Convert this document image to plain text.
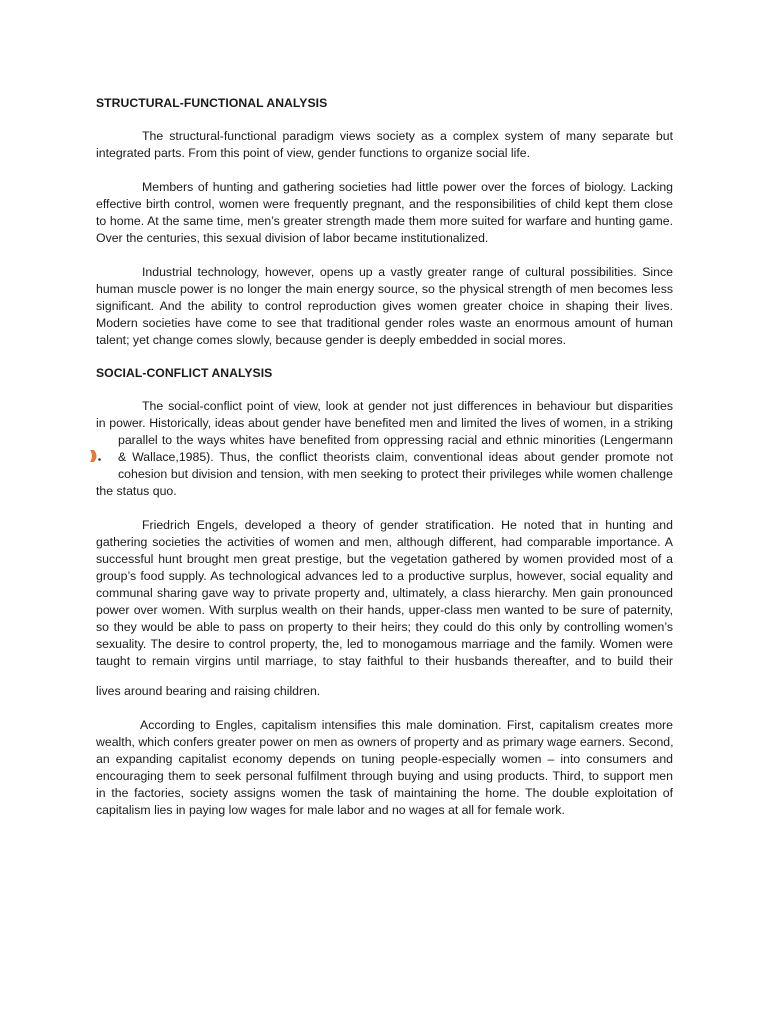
STRUCTURAL-FUNCTIONAL ANALYSIS
The structural-functional paradigm views society as a complex system of many separate but
integrated parts. From this point of view, gender functions to organize social life.
Members of hunting and gathering societies had little power over the forces of biology. Lacking
effective birth control, women were frequently pregnant, and the responsibilities of child kept them close
to home. At the same time, men’s greater strength made them more suited for warfare and hunting game.
Over the centuries, this sexual division of labor became institutionalized.
Industrial technology, however, opens up a vastly greater range of cultural possibilities. Since
human muscle power is no longer the main energy source, so the physical strength of men becomes less
significant. And the ability to control reproduction gives women greater choice in shaping their lives.
Modern societies have come to see that traditional gender roles waste an enormous amount of human
talent; yet change comes slowly, because gender is deeply embedded in social mores.
SOCIAL-CONFLICT ANALYSIS
The social-conflict point of view, look at gender not just differences in behaviour but disparities
in power. Historically, ideas about gender have benefited men and limited the lives of women, in a striking
parallel to the ways whites have benefited from oppressing racial and ethnic minorities (Lengermann
& Wallace,1985). Thus, the conflict theorists claim, conventional ideas about gender promote not
cohesion but division and tension, with men seeking to protect their privileges while women challenge
the status quo.
Friedrich Engels, developed a theory of gender stratification. He noted that in hunting and
gathering societies the activities of women and men, although different, had comparable importance. A
successful hunt brought men great prestige, but the vegetation gathered by women provided most of a
group’s food supply. As technological advances led to a productive surplus, however, social equality and
communal sharing gave way to private property and, ultimately, a class hierarchy. Men gain pronounced
power over women. With surplus wealth on their hands, upper-class men wanted to be sure of paternity,
so they would be able to pass on property to their heirs; they could do this only by controlling women’s
sexuality. The desire to control property, the, led to monogamous marriage and the family. Women were
taught to remain virgins until marriage, to stay faithful to their husbands thereafter, and to build their
lives around bearing and raising children.
According to Engles, capitalism intensifies this male domination. First, capitalism creates more
wealth, which confers greater power on men as owners of property and as primary wage earners. Second,
an expanding capitalist economy depends on tuning people-especially women – into consumers and
encouraging them to seek personal fulfilment through buying and using products. Third, to support men
in the factories, society assigns women the task of maintaining the home. The double exploitation of
capitalism lies in paying low wages for male labor and no wages at all for female work.
